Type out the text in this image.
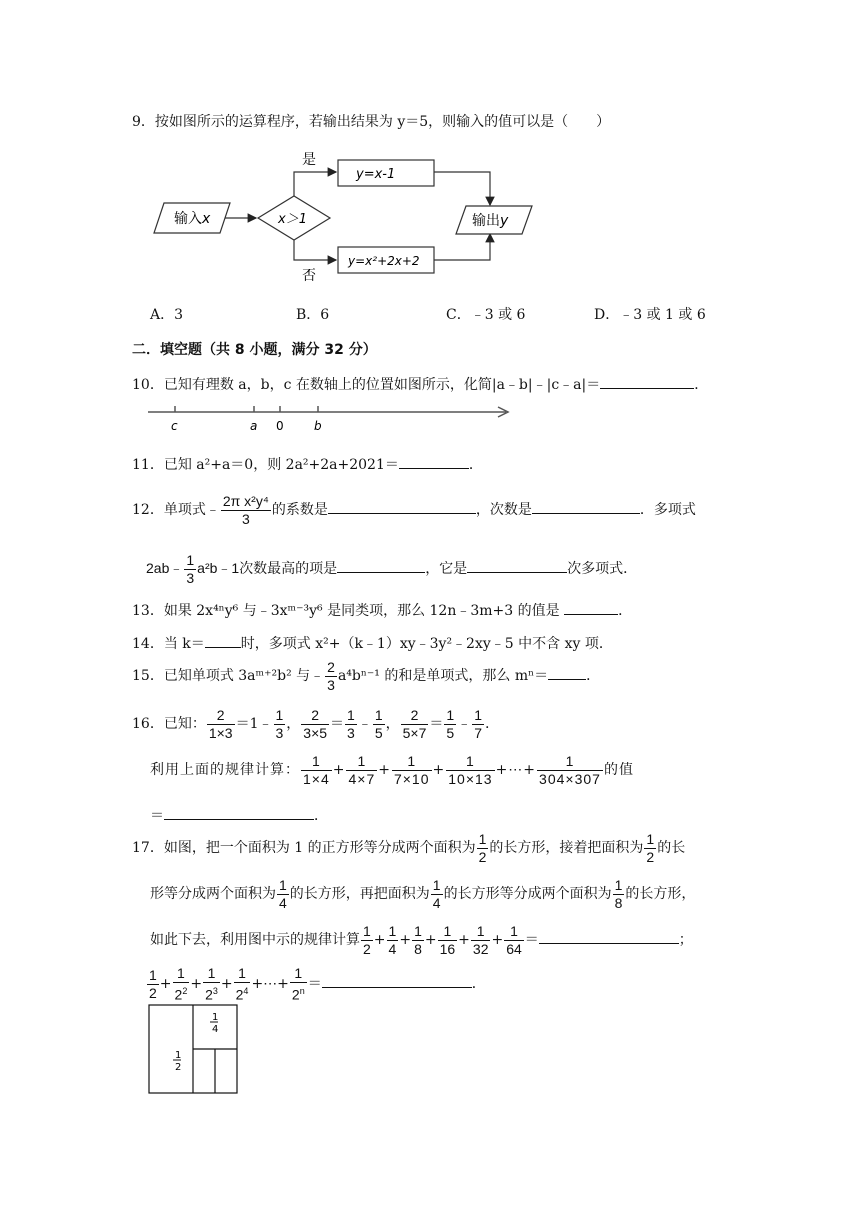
9．按如图所示的运算程序，若输出结果为 y＝5，则输入的值可以是（　　）
输入x	x＞1
是
y=x-1
否
y=x²+2x+2
输出y
A．3	B．6	C．﹣3 或 6	D．﹣3 或 1 或 6
二．填空题（共 8 小题，满分 32 分）
10．已知有理数 a，b，c 在数轴上的位置如图所示，化简|a﹣b|﹣|c﹣a|＝	．
c	a 0	b
11．已知 a²+a＝0，则 2a²+2a+2021＝	．
12．单项式﹣ $\frac{\text{2π x²y⁴}}{3}$ 的系数是	，次数是	．多项式
2ab﹣ $\frac{1}{3}$ a²b﹣1次数最高的项是	，它是	次多项式．
13．如果 2x⁴ⁿy⁶ 与﹣3xᵐ⁻³y⁶ 是同类项，那么 12n﹣3m+3 的值是	．
14．当 k＝	时，多项式 x²+（k﹣1）xy﹣3y²﹣2xy﹣5 中不含 xy 项．
15．已知单项式 3aᵐ⁺²b² 与﹣ $\frac{2}{3} a^4b^{n-1}$ 的和是单项式，那么 mⁿ＝	．
16．已知： $\frac{2}{1\times 3}$ ＝1﹣ $\frac{1}{3}$ ， $\frac{2}{3\times 5} = \frac{1}{3}$ ﹣ $\frac{1}{5}$ ， $\frac{2}{5\times 7} = \frac{1}{5}$ ﹣ $\frac{1}{7}$ .
利用上面的规律计算： $\frac{1}{1\times 4} + \frac{1}{4\times 7} + \frac{1}{7\times 10} + \frac{1}{10\times 13}$ +⋯+ $\frac{1}{304\times 307}$ 的值
＝	．
17．如图，把一个面积为 1 的正方形等分成两个面积为 $\frac{1}{2}$ 的长方形，接着把面积为 $\frac{1}{2}$ 的长
形等分成两个面积为 $\frac{1}{4}$ 的长方形，再把面积为 $\frac{1}{4}$ 的长方形等分成两个面积为 $\frac{1}{8}$ 的长方形，
如此下去，利用图中示的规律计算 $\frac{1}{2} + \frac{1}{4} + \frac{1}{8} + \frac{1}{16} + \frac{1}{32} + \frac{1}{64}$ ＝	；
$\frac{1}{2} + \frac{1}{2^2} + \frac{1}{2^3} + \frac{1}{2^4}$ +⋯+ $\frac{1}{2^n}$ ＝	．
1
2
1
4
